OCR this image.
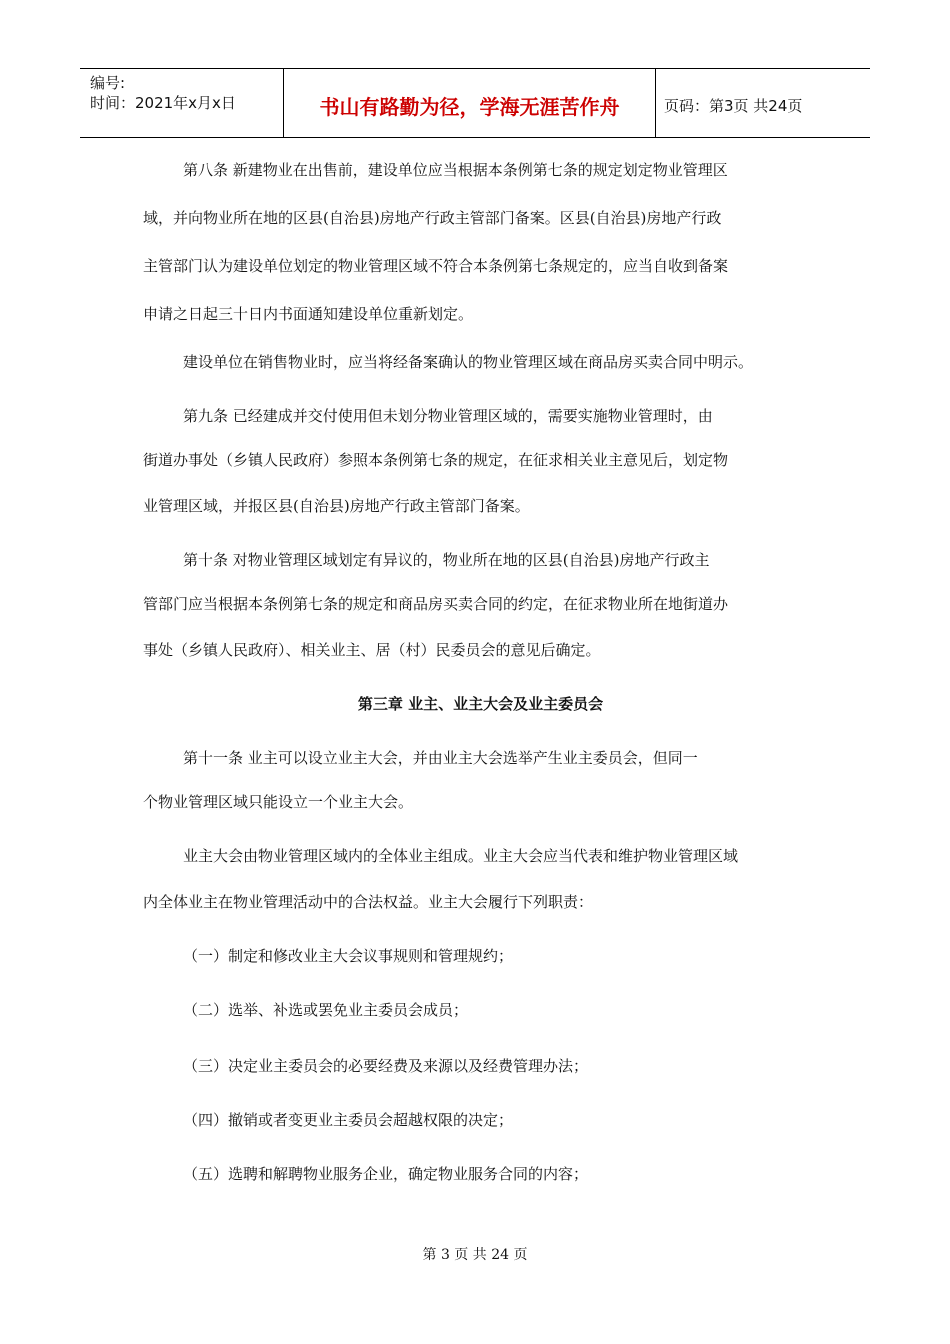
编号:
时间：2021年x月x日	书山有路勤为径，学海无涯苦作舟	页码：第3页 共24页
第八条 新建物业在出售前，建设单位应当根据本条例第七条的规定划定物业管理区
域，并向物业所在地的区县(自治县)房地产行政主管部门备案。区县(自治县)房地产行政
主管部门认为建设单位划定的物业管理区域不符合本条例第七条规定的，应当自收到备案
申请之日起三十日内书面通知建设单位重新划定。
建设单位在销售物业时，应当将经备案确认的物业管理区域在商品房买卖合同中明示。
第九条 已经建成并交付使用但未划分物业管理区域的，需要实施物业管理时，由
街道办事处（乡镇人民政府）参照本条例第七条的规定，在征求相关业主意见后，划定物
业管理区域，并报区县(自治县)房地产行政主管部门备案。
第十条 对物业管理区域划定有异议的，物业所在地的区县(自治县)房地产行政主
管部门应当根据本条例第七条的规定和商品房买卖合同的约定，在征求物业所在地街道办
事处（乡镇人民政府）、相关业主、居（村）民委员会的意见后确定。
第三章 业主、业主大会及业主委员会
第十一条 业主可以设立业主大会，并由业主大会选举产生业主委员会，但同一
个物业管理区域只能设立一个业主大会。
业主大会由物业管理区域内的全体业主组成。业主大会应当代表和维护物业管理区域
内全体业主在物业管理活动中的合法权益。业主大会履行下列职责：
（一）制定和修改业主大会议事规则和管理规约；
（二）选举、补选或罢免业主委员会成员；
（三）决定业主委员会的必要经费及来源以及经费管理办法；
（四）撤销或者变更业主委员会超越权限的决定；
（五）选聘和解聘物业服务企业，确定物业服务合同的内容；
第 3 页 共 24 页
